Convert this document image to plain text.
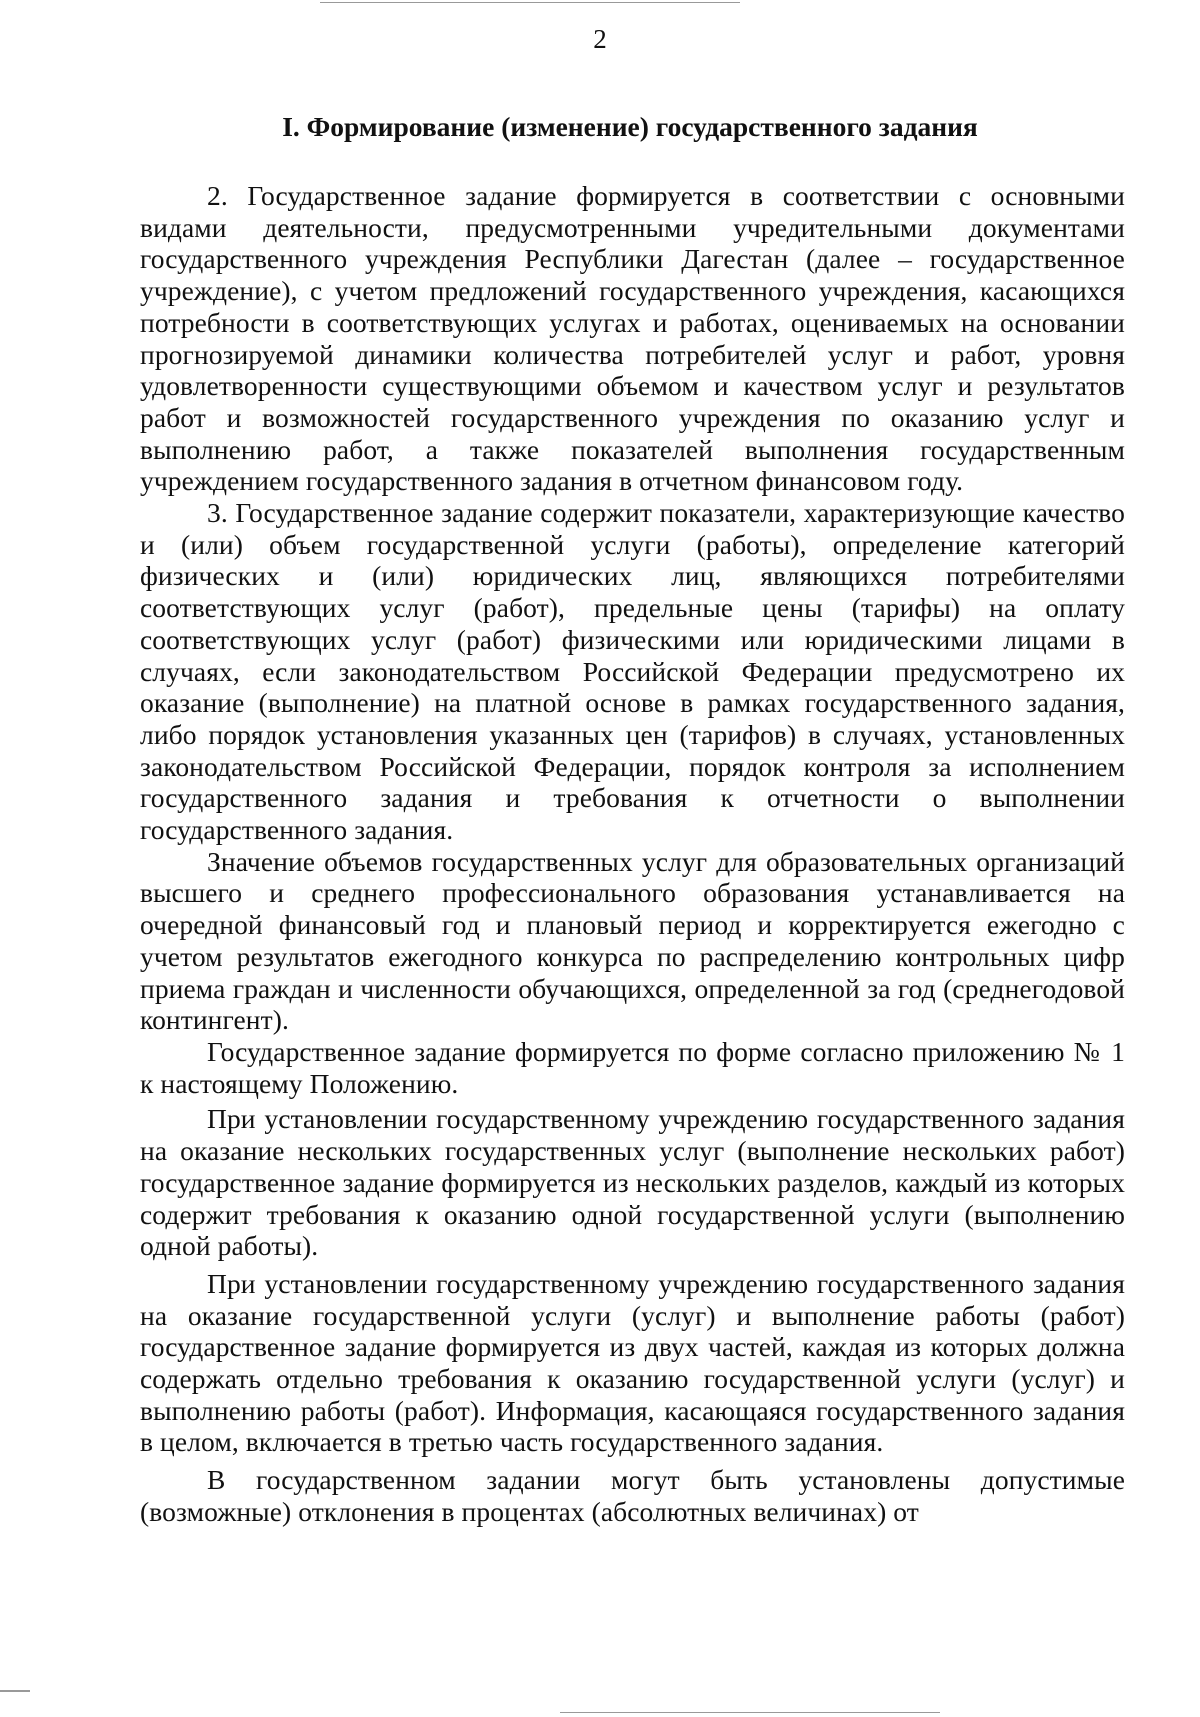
2
I. Формирование (изменение) государственного задания

2. Государственное задание формируется в соответствии с основными видами деятельности, предусмотренными учредительными документами государственного учреждения Республики Дагестан (далее – государственное учреждение), с учетом предложений государственного учреждения, касающихся потребности в соответствующих услугах и работах, оцениваемых на основании прогнозируемой динамики количества потребителей услуг и работ, уровня удовлетворенности существующими объемом и качеством услуг и результатов работ и возможностей государственного учреждения по оказанию услуг и выполнению работ, а также показателей выполнения государственным учреждением государственного задания в отчетном финансовом году.

3. Государственное задание содержит показатели, характеризующие качество и (или) объем государственной услуги (работы), определение категорий физических и (или) юридических лиц, являющихся потребителями соответствующих услуг (работ), предельные цены (тарифы) на оплату соответствующих услуг (работ) физическими или юридическими лицами в случаях, если законодательством Российской Федерации предусмотрено их оказание (выполнение) на платной основе в рамках государственного задания, либо порядок установления указанных цен (тарифов) в случаях, установленных законодательством Российской Федерации, порядок контроля за исполнением государственного задания и требования к отчетности о выполнении государственного задания.

Значение объемов государственных услуг для образовательных организаций высшего и среднего профессионального образования устанавливается на очередной финансовый год и плановый период и корректируется ежегодно с учетом результатов ежегодного конкурса по распределению контрольных цифр приема граждан и численности обучающихся, определенной за год (среднегодовой контингент).

Государственное задание формируется по форме согласно приложению № 1 к настоящему Положению.

При установлении государственному учреждению государственного задания на оказание нескольких государственных услуг (выполнение нескольких работ) государственное задание формируется из нескольких разделов, каждый из которых содержит требования к оказанию одной государственной услуги (выполнению одной работы).

При установлении государственному учреждению государственного задания на оказание государственной услуги (услуг) и выполнение работы (работ) государственное задание формируется из двух частей, каждая из которых должна содержать отдельно требования к оказанию государственной услуги (услуг) и выполнению работы (работ). Информация, касающаяся государственного задания в целом, включается в третью часть государственного задания.

В государственном задании могут быть установлены допустимые (возможные) отклонения в процентах (абсолютных величинах) от
